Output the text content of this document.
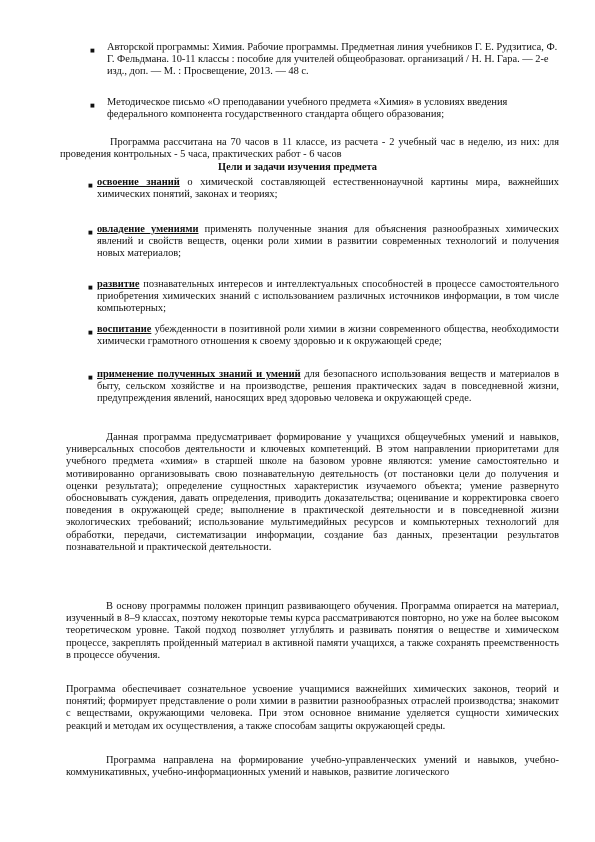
■ Авторской программы: Химия. Рабочие программы. Предметная линия учебников Г. Е. Рудзитиса, Ф. Г. Фельдмана. 10-11 классы : пособие для учителей общеобразоват. организаций / Н. Н. Гара. — 2-е изд., доп. — М. : Просвещение, 2013. — 48 с.
■ Методическое письмо «О преподавании учебного предмета «Химия» в условиях введения федерального компонента государственного стандарта общего образования;
Программа рассчитана на 70 часов в 11 классе, из расчета - 2 учебный час в неделю, из них: для проведения контрольных - 5 часа, практических работ - 6 часов
Цели и задачи изучения предмета
■ освоение знаний о химической составляющей естественнонаучной картины мира, важнейших химических понятий, законах и теориях;
■ овладение умениями применять полученные знания для объяснения разнообразных химических явлений и свойств веществ, оценки роли химии в развитии современных технологий и получения новых материалов;
■ развитие познавательных интересов и интеллектуальных способностей в процессе самостоятельного приобретения химических знаний с использованием различных источников информации, в том числе компьютерных;
■ воспитание убежденности в позитивной роли химии в жизни современного общества, необходимости химически грамотного отношения к своему здоровью и к окружающей среде;
■ применение полученных знаний и умений для безопасного использования веществ и материалов в быту, сельском хозяйстве и на производстве, решения практических задач в повседневной жизни, предупреждения явлений, наносящих вред здоровью человека и окружающей среде.
Данная программа предусматривает формирование у учащихся общеучебных умений и навыков, универсальных способов деятельности и ключевых компетенций. В этом направлении приоритетами для учебного предмета «химия» в старшей школе на базовом уровне являются: умение самостоятельно и мотивированно организовывать свою познавательную деятельность (от постановки цели до получения и оценки результата); определение сущностных характеристик изучаемого объекта; умение развернуто обосновывать суждения, давать определения, приводить доказательства; оценивание и корректировка своего поведения в окружающей среде; выполнение в практической деятельности и в повседневной жизни экологических требований; использование мультимедийных ресурсов и компьютерных технологий для обработки, передачи, систематизации информации, создание баз данных, презентации результатов познавательной и практической деятельности.
В основу программы положен принцип развивающего обучения. Программа опирается на материал, изученный в 8–9 классах, поэтому некоторые темы курса рассматриваются повторно, но уже на более высоком теоретическом уровне. Такой подход позволяет углублять и развивать понятия о веществе и химическом процессе, закреплять пройденный материал в активной памяти учащихся, а также сохранять преемственность в процессе обучения.
Программа обеспечивает сознательное усвоение учащимися важнейших химических законов, теорий и понятий; формирует представление о роли химии в развитии разнообразных отраслей производства; знакомит с веществами, окружающими человека. При этом основное внимание уделяется сущности химических реакций и методам их осуществления, а также способам защиты окружающей среды.
Программа направлена на формирование учебно-управленческих умений и навыков, учебно-коммуникативных, учебно-информационных умений и навыков, развитие логического
